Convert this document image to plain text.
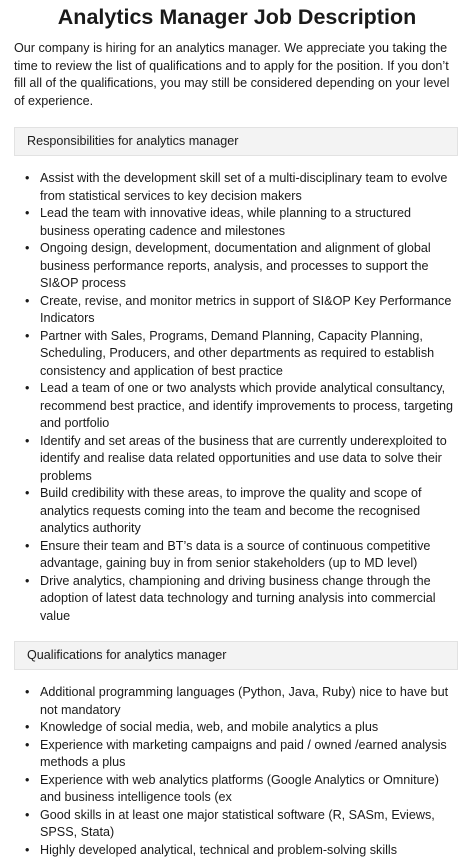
Analytics Manager Job Description

Our company is hiring for an analytics manager. We appreciate you taking the time to review the list of qualifications and to apply for the position. If you don’t fill all of the qualifications, you may still be considered depending on your level of experience.

Responsibilities for analytics manager
• Assist with the development skill set of a multi-disciplinary team to evolve from statistical services to key decision makers
• Lead the team with innovative ideas, while planning to a structured business operating cadence and milestones
• Ongoing design, development, documentation and alignment of global business performance reports, analysis, and processes to support the SI&OP process
• Create, revise, and monitor metrics in support of SI&OP Key Performance Indicators
• Partner with Sales, Programs, Demand Planning, Capacity Planning, Scheduling, Producers, and other departments as required to establish consistency and application of best practice
• Lead a team of one or two analysts which provide analytical consultancy, recommend best practice, and identify improvements to process, targeting and portfolio
• Identify and set areas of the business that are currently underexploited to identify and realise data related opportunities and use data to solve their problems
• Build credibility with these areas, to improve the quality and scope of analytics requests coming into the team and become the recognised analytics authority
• Ensure their team and BT’s data is a source of continuous competitive advantage, gaining buy in from senior stakeholders (up to MD level)
• Drive analytics, championing and driving business change through the adoption of latest data technology and turning analysis into commercial value
Qualifications for analytics manager
• Additional programming languages (Python, Java, Ruby) nice to have but not mandatory
• Knowledge of social media, web, and mobile analytics a plus
• Experience with marketing campaigns and paid / owned /earned analysis methods a plus
• Experience with web analytics platforms (Google Analytics or Omniture) and business intelligence tools (ex
• Good skills in at least one major statistical software (R, SASm, Eviews, SPSS, Stata)
• Highly developed analytical, technical and problem-solving skills
